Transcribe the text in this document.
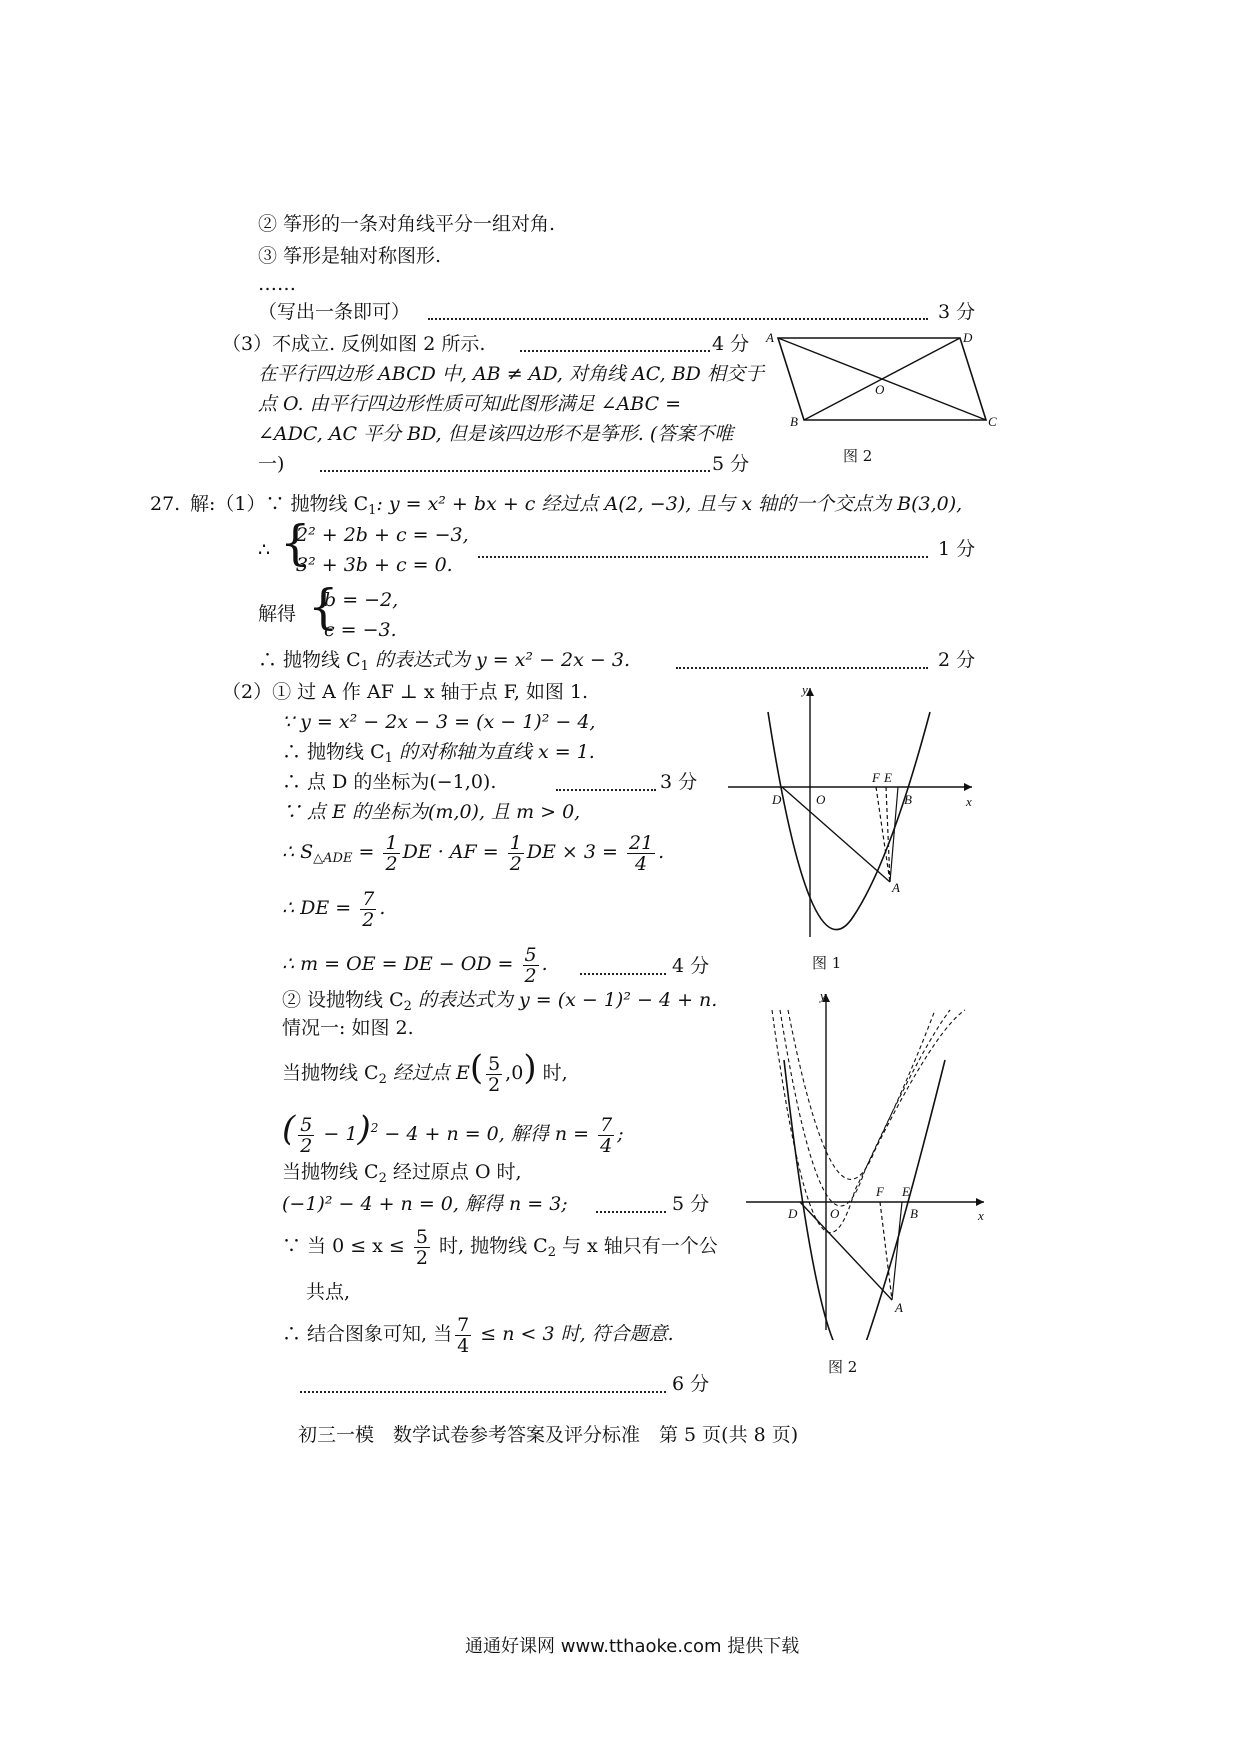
② 筝形的一条对角线平分一组对角.
③ 筝形是轴对称图形.
……
（写出一条即可）	3 分
（3）不成立. 反例如图 2 所示.	4 分
在平行四边形 ABCD 中, AB ≠ AD, 对角线 AC, BD 相交于
点 O. 由平行四边形性质可知此图形满足 ∠ABC =
∠ADC, AC 平分 BD, 但是该四边形不是筝形. (答案不唯
一)	5 分
A	D
B	C
O
图 2
27. 解:（1）∵ 抛物线 $C_1$: y = x² + bx + c 经过点 A(2, −3), 且与 x 轴的一个交点为 B(3,0),
∴ {
2² + 2b + c = −3,
3² + 3b + c = 0.
1 分
解得 {
b = −2,
c = −3.
∴ 抛物线 $C_1$ 的表达式为 y = x² − 2x − 3.	2 分
（2）① 过 A 作 AF ⊥ x 轴于点 F, 如图 1.
∵ y = x² − 2x − 3 = (x − 1)² − 4,
∴ 抛物线 $C_1$ 的对称轴为直线 x = 1.
∴ 点 D 的坐标为(−1,0).	3 分
∵ 点 E 的坐标为(m,0), 且 m > 0,
∴ $S_{\triangle ADE} = \frac{1}{2}$ DE · AF = $\frac{1}{2}$ DE × $3 = \frac{21}{4}$ .
∴ DE = $\frac{7}{2}$ .
∴ m = OE = DE − OD = $\frac{5}{2}$ .	4 分
y
x
D	O
F E
B
A
图 1
② 设抛物线 $C_2$ 的表达式为 y = (x − 1)² − 4 + n.
情况一: 如图 2.
当抛物线 $C_2$ 经过点 $E( \frac{5}{2} ,0)$ 时,
( $\frac{5}{2} - 1)^2 - 4 + n = 0$, 解得 $n = \frac{7}{4}$ ;
当抛物线 $C_2$ 经过原点 O 时,
(−1)² − 4 + n = 0, 解得 n = 3;	5 分
∵ 当 $0 \le x \le \frac{5}{2}$ 时, 抛物线 $C_2$ 与 x 轴只有一个公
共点,
∴ 结合图象可知, 当 $\frac{7}{4} \le n < 3$ 时, 符合题意.
6 分
y
x
D	O
F E
B
A
图 2
初三一模　数学试卷参考答案及评分标准　第 5 页(共 8 页)
通通好课网 www.tthaoke.com 提供下载
